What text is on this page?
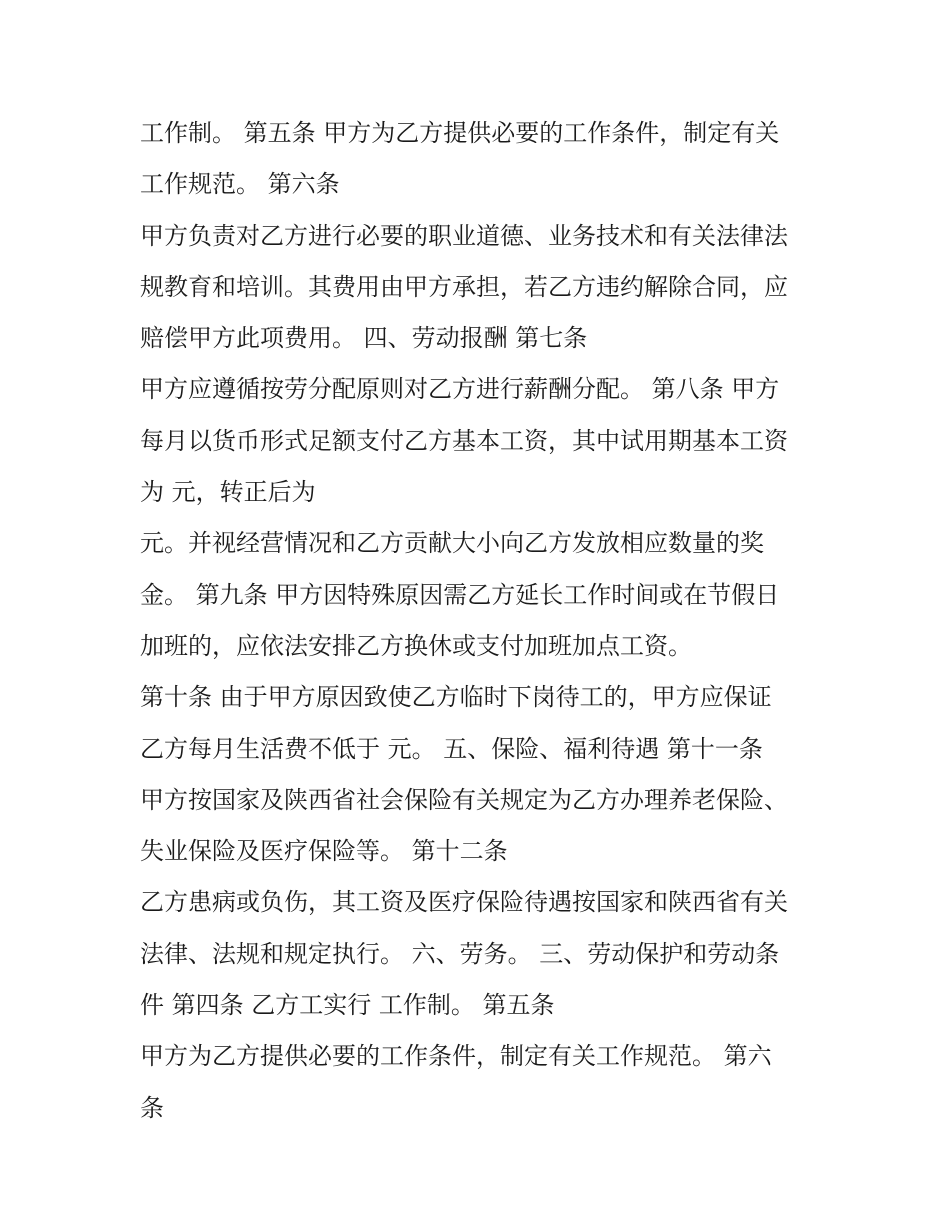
工作制。 第五条 甲方为乙方提供必要的工作条件，制定有关

工作规范。 第六条

甲方负责对乙方进行必要的职业道德、业务技术和有关法律法

规教育和培训。其费用由甲方承担，若乙方违约解除合同，应

赔偿甲方此项费用。 四、劳动报酬 第七条

甲方应遵循按劳分配原则对乙方进行薪酬分配。 第八条 甲方

每月以货币形式足额支付乙方基本工资，其中试用期基本工资

为 元，转正后为

元。并视经营情况和乙方贡献大小向乙方发放相应数量的奖

金。 第九条 甲方因特殊原因需乙方延长工作时间或在节假日

加班的，应依法安排乙方换休或支付加班加点工资。

第十条 由于甲方原因致使乙方临时下岗待工的，甲方应保证

乙方每月生活费不低于 元。 五、保险、福利待遇 第十一条

甲方按国家及陕西省社会保险有关规定为乙方办理养老保险、

失业保险及医疗保险等。 第十二条

乙方患病或负伤，其工资及医疗保险待遇按国家和陕西省有关

法律、法规和规定执行。 六、劳务。 三、劳动保护和劳动条

件 第四条 乙方工实行 工作制。 第五条

甲方为乙方提供必要的工作条件，制定有关工作规范。 第六

条
